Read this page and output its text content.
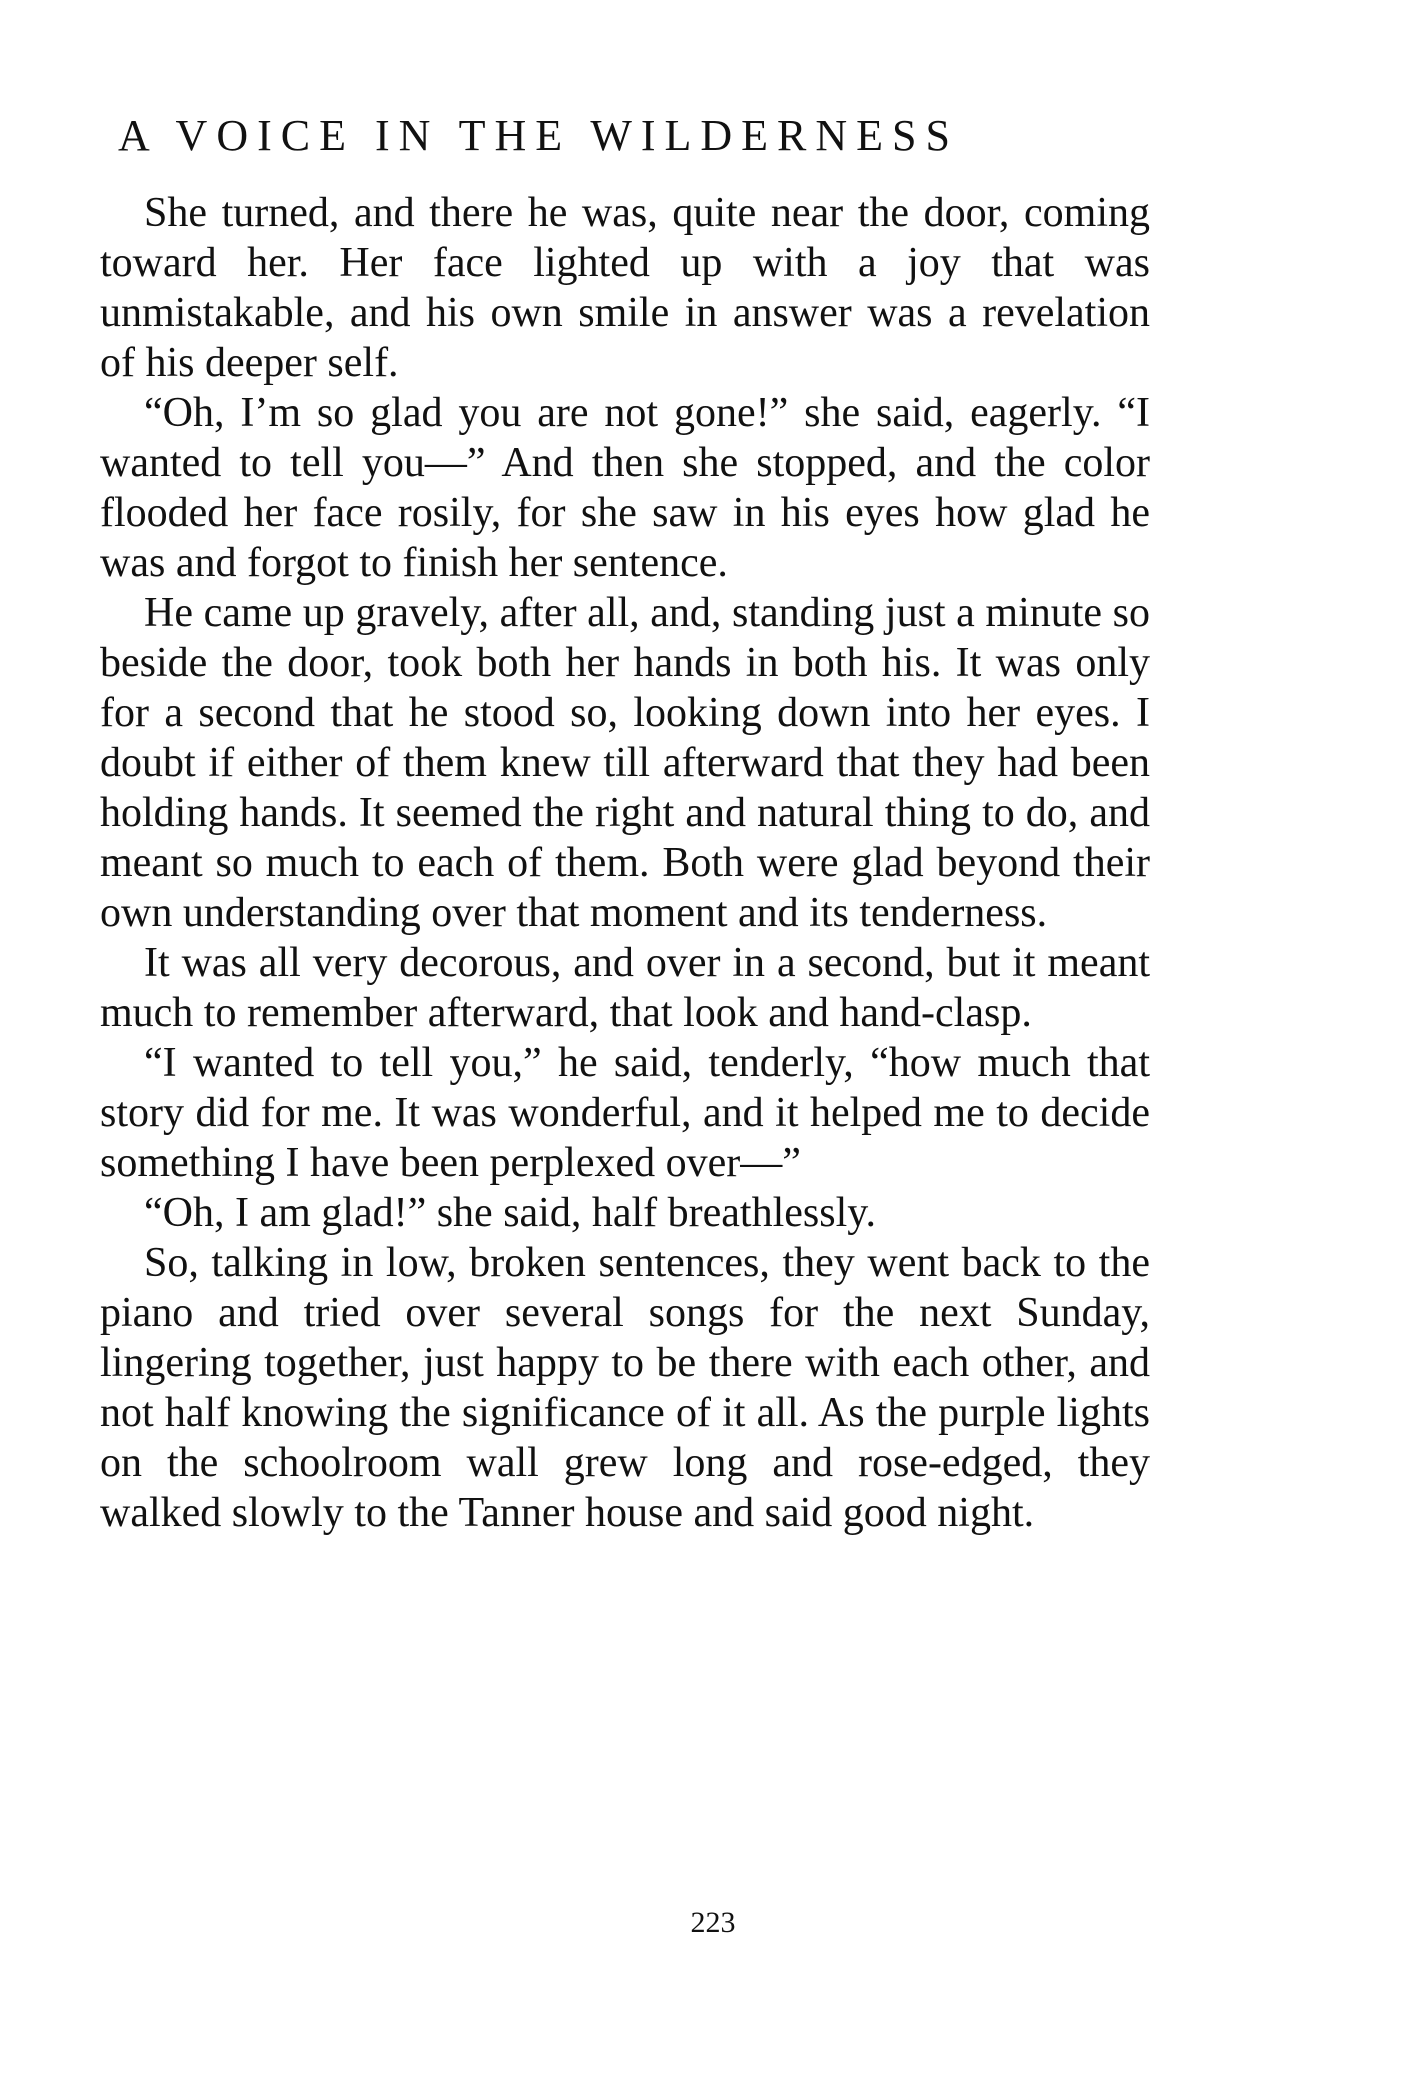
A VOICE IN THE WILDERNESS

She turned, and there he was, quite near the door, coming toward her. Her face lighted up with a joy that was unmistakable, and his own smile in answer was a revelation of his deeper self.

“Oh, I’m so glad you are not gone!” she said, eagerly. “I wanted to tell you—” And then she stopped, and the color flooded her face rosily, for she saw in his eyes how glad he was and forgot to finish her sentence.

He came up gravely, after all, and, standing just a minute so beside the door, took both her hands in both his. It was only for a second that he stood so, looking down into her eyes. I doubt if either of them knew till afterward that they had been holding hands. It seemed the right and natural thing to do, and meant so much to each of them. Both were glad beyond their own understanding over that moment and its tenderness.

It was all very decorous, and over in a second, but it meant much to remember afterward, that look and hand-clasp.

“I wanted to tell you,” he said, tenderly, “how much that story did for me. It was wonderful, and it helped me to decide something I have been perplexed over—”

“Oh, I am glad!” she said, half breathlessly.

So, talking in low, broken sentences, they went back to the piano and tried over several songs for the next Sunday, lingering together, just happy to be there with each other, and not half knowing the significance of it all. As the purple lights on the schoolroom wall grew long and rose-edged, they walked slowly to the Tanner house and said good night.

223
